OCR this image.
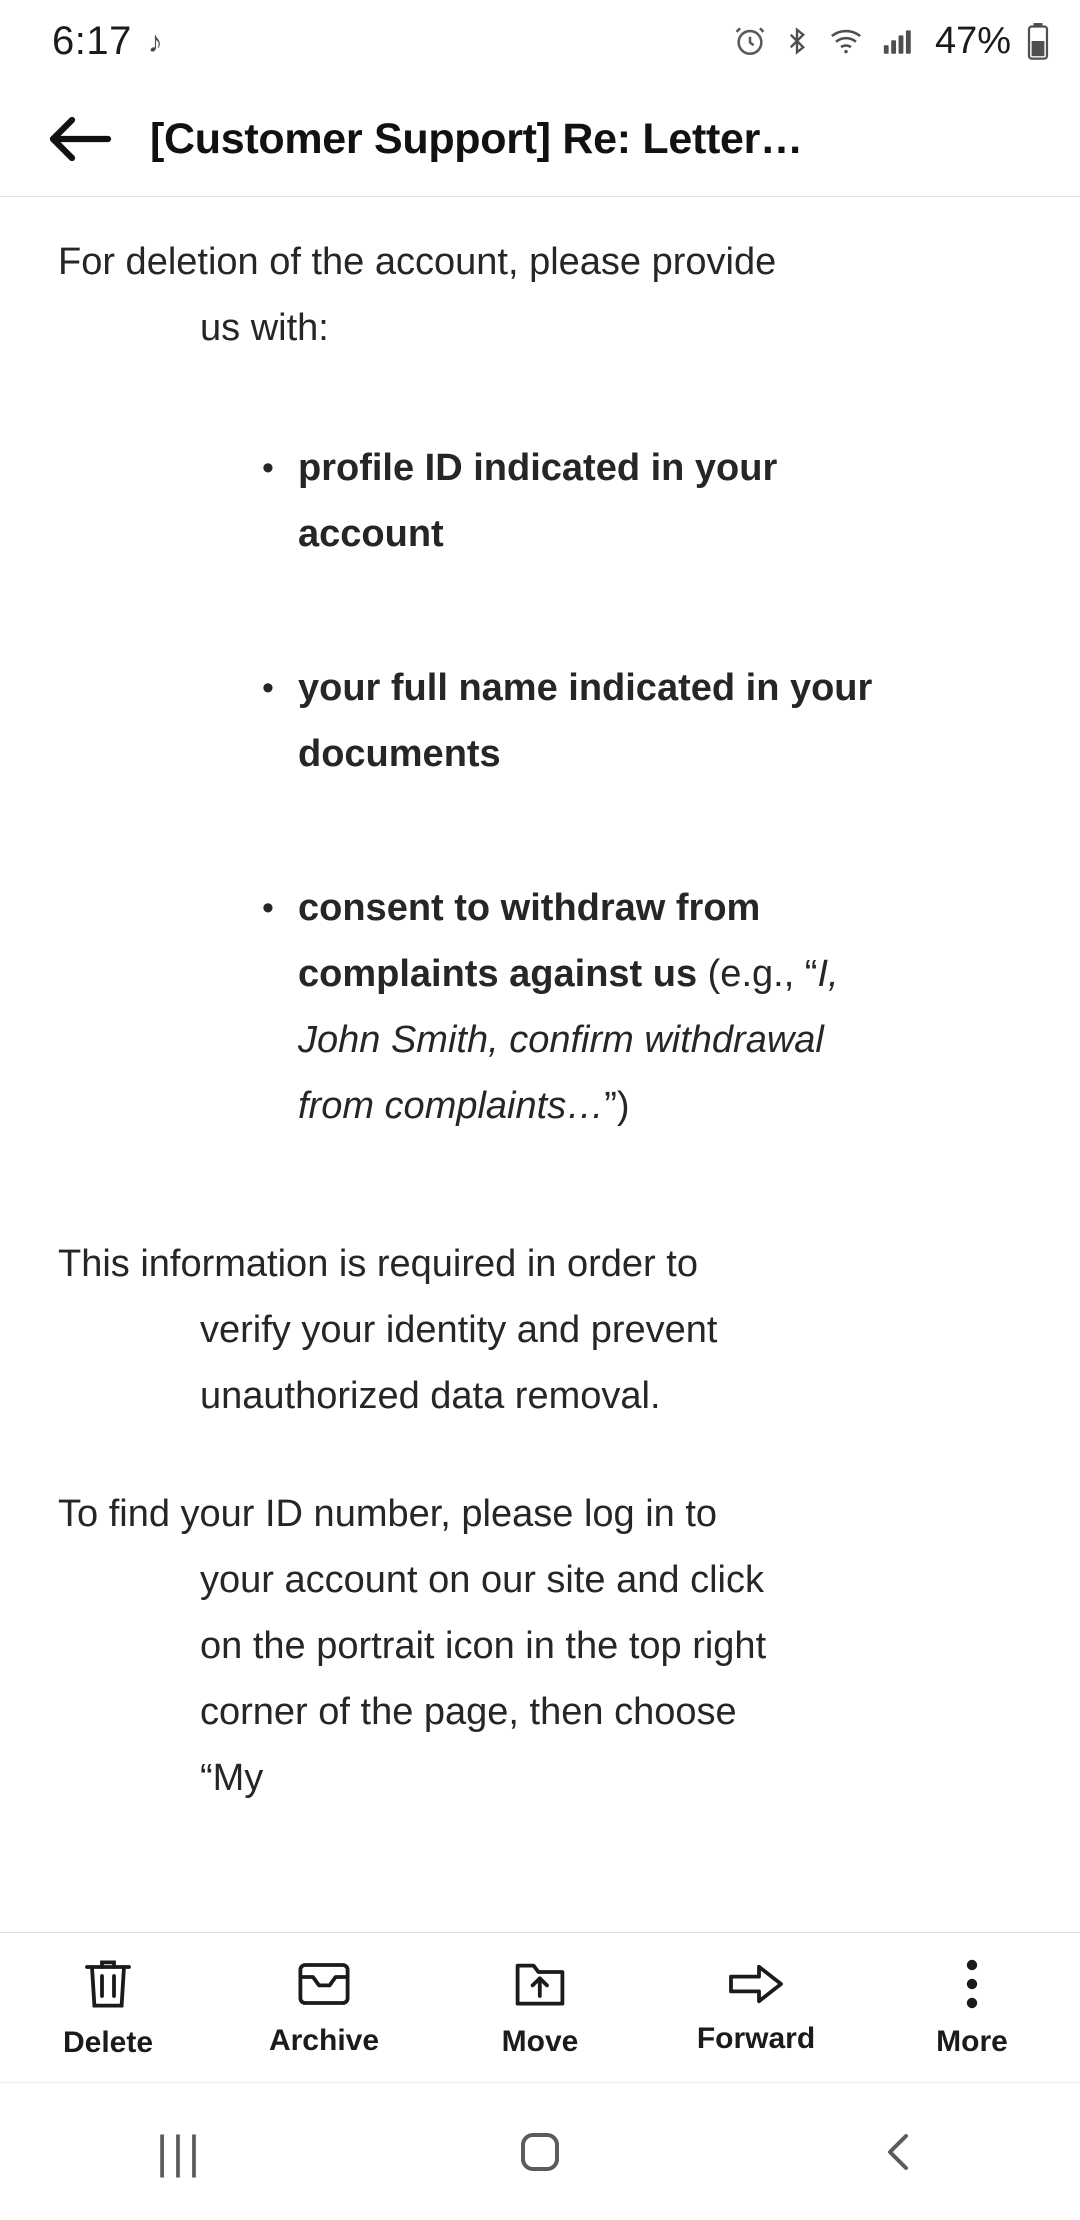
6:17 ♪	47%
[Customer Support] Re: Letter…

For deletion of the account, please provide us with:

• profile ID indicated in your account
• your full name indicated in your documents
• consent to withdraw from complaints against us (e.g., “I, John Smith, confirm withdrawal from complaints…”)

This information is required in order to verify your identity and prevent unauthorized data removal.

To find your ID number, please log in to your account on our site and click on the portrait icon in the top right corner of the page, then choose “My

Delete	Archive	Move	Forward	More
|||
